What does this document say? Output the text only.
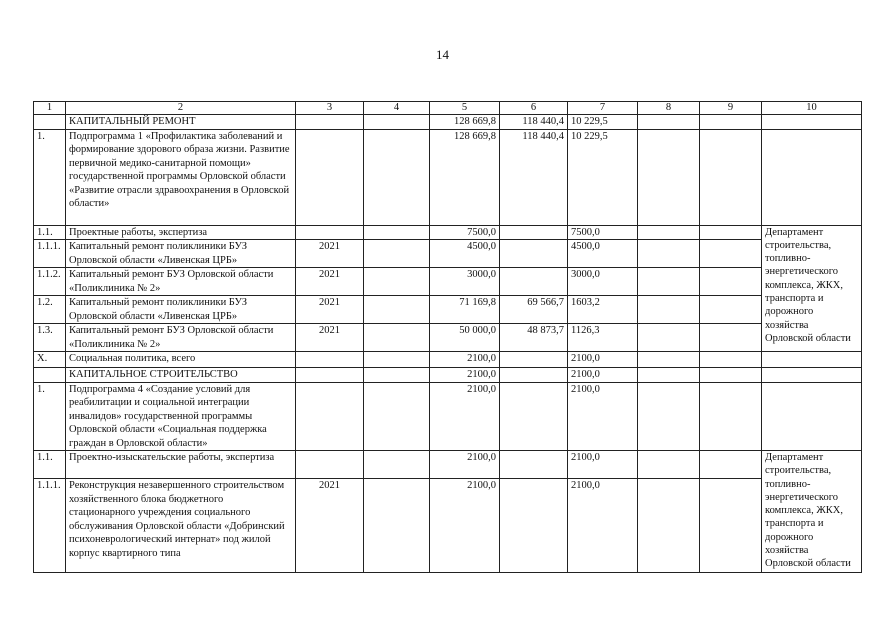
14
1	2	3	4	5	6	7	8	9	10
	КАПИТАЛЬНЫЙ РЕМОНТ			128 669,8	118 440,4	10 229,5			
1.	Подпрограмма 1 «Профилактика заболеваний и формирование здорового образа жизни. Развитие первичной медико-санитарной помощи» государственной программы Орловской области «Развитие отрасли здравоохранения в Орловской области»			128 669,8	118 440,4	10 229,5			
1.1.	Проектные работы, экспертиза			7500,0		7500,0			Департамент строительства, топливно-энергетического комплекса, ЖКХ, транспорта и дорожного хозяйства Орловской области
1.1.1.	Капитальный ремонт поликлиники БУЗ Орловской области «Ливенская ЦРБ»	2021		4500,0		4500,0			
1.1.2.	Капитальный ремонт БУЗ Орловской области «Поликлиника № 2»	2021		3000,0		3000,0			
1.2.	Капитальный ремонт поликлиники БУЗ Орловской области «Ливенская ЦРБ»	2021		71 169,8	69 566,7	1603,2			
1.3.	Капитальный ремонт БУЗ Орловской области «Поликлиника № 2»	2021		50 000,0	48 873,7	1126,3			
X.	Социальная политика, всего			2100,0		2100,0			
	КАПИТАЛЬНОЕ СТРОИТЕЛЬСТВО			2100,0		2100,0			
1.	Подпрограмма 4 «Создание условий для реабилитации и социальной интеграции инвалидов» государственной программы Орловской области «Социальная поддержка граждан в Орловской области»			2100,0		2100,0			
1.1.	Проектно-изыскательские работы, экспертиза			2100,0		2100,0			Департамент строительства, топливно-энергетического комплекса, ЖКХ, транспорта и дорожного хозяйства Орловской области
1.1.1.	Реконструкция незавершенного строительством хозяйственного блока бюджетного стационарного учреждения социального обслуживания Орловской области «Добринский психоневрологический интернат» под жилой корпус квартирного типа	2021		2100,0		2100,0			
